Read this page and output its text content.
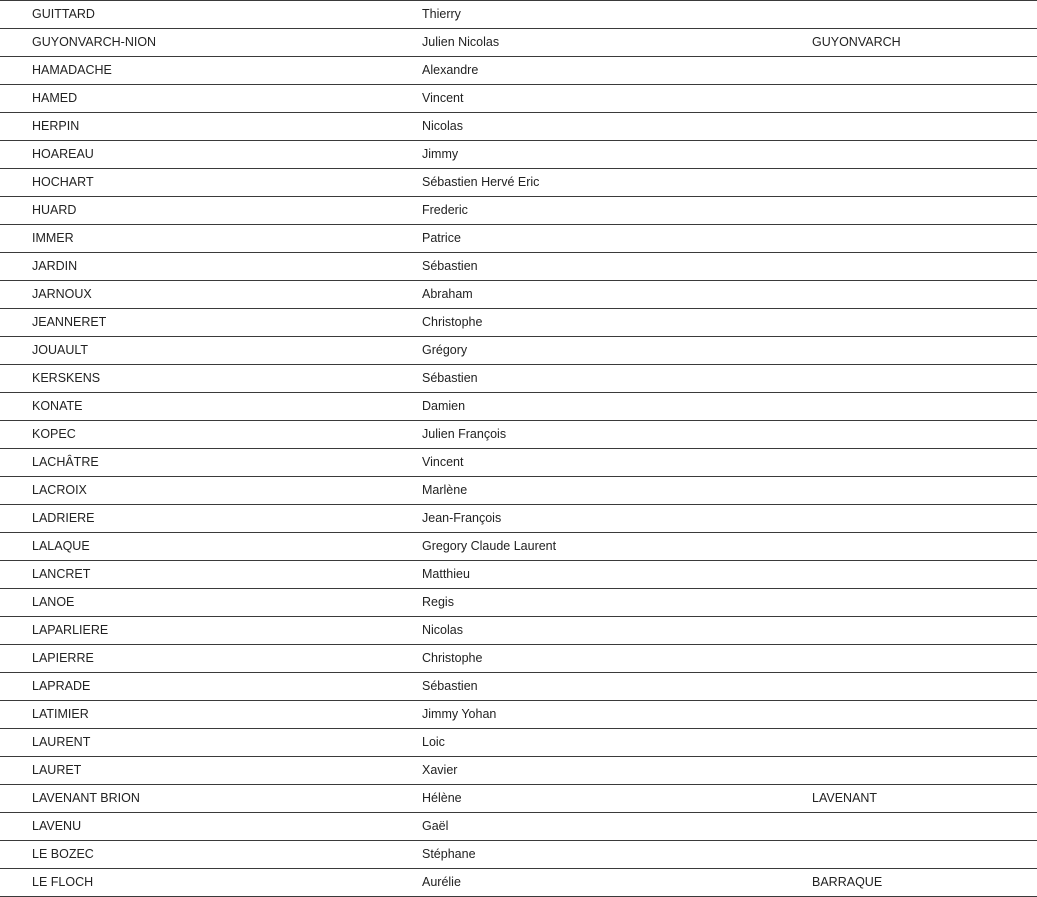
GUITTARD	Thierry
GUYONVARCH-NION	Julien Nicolas	GUYONVARCH
HAMADACHE	Alexandre
HAMED	Vincent
HERPIN	Nicolas
HOAREAU	Jimmy
HOCHART	Sébastien Hervé Eric
HUARD	Frederic
IMMER	Patrice
JARDIN	Sébastien
JARNOUX	Abraham
JEANNERET	Christophe
JOUAULT	Grégory
KERSKENS	Sébastien
KONATE	Damien
KOPEC	Julien François
LACHÂTRE	Vincent
LACROIX	Marlène
LADRIERE	Jean-François
LALAQUE	Gregory Claude Laurent
LANCRET	Matthieu
LANOE	Regis
LAPARLIERE	Nicolas
LAPIERRE	Christophe
LAPRADE	Sébastien
LATIMIER	Jimmy Yohan
LAURENT	Loic
LAURET	Xavier
LAVENANT BRION	Hélène	LAVENANT
LAVENU	Gaël
LE BOZEC	Stéphane
LE FLOCH	Aurélie	BARRAQUE
